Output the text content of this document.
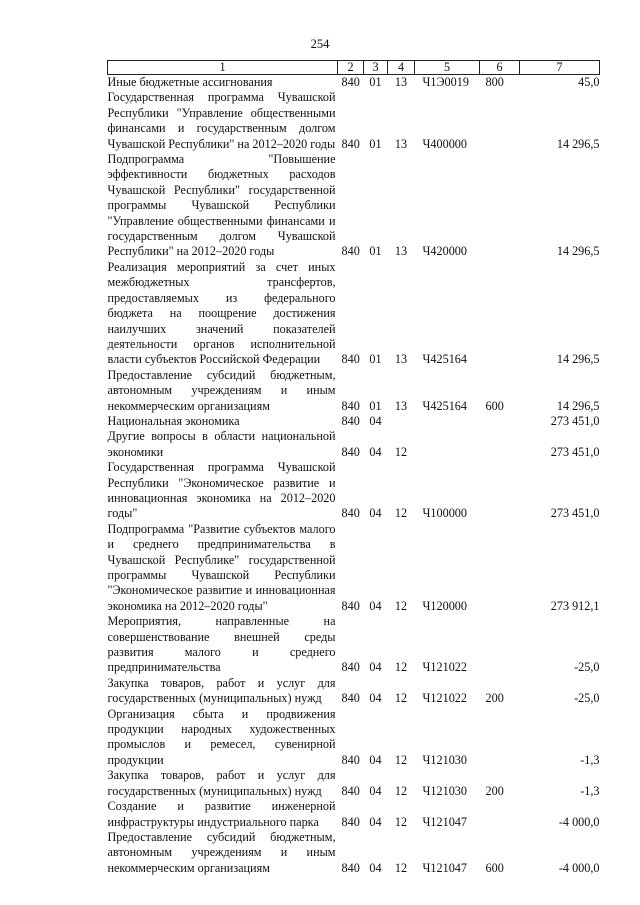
254
1	2	3	4	5	6	7
Иные бюджетные ассигнования	840	01	13	Ч1Э0019	800	45,0
Государственная программа Чувашской Республики "Управление общественными финансами и государственным долгом Чувашской Республики" на 2012–2020 годы	840	01	13	Ч400000		14 296,5
Подпрограмма "Повышение эффективности бюджетных расходов Чувашской Республики" государственной программы Чувашской Республики "Управление общественными финансами и государственным долгом Чувашской Республики" на 2012–2020 годы	840	01	13	Ч420000		14 296,5
Реализация мероприятий за счет иных межбюджетных трансфертов, предоставляемых из федерального бюджета на поощрение достижения наилучших значений показателей деятельности органов исполнительной власти субъектов Российской Федерации	840	01	13	Ч425164		14 296,5
Предоставление субсидий бюджетным, автономным учреждениям и иным некоммерческим организациям	840	01	13	Ч425164	600	14 296,5
Национальная экономика	840	04				273 451,0
Другие вопросы в области национальной экономики	840	04	12			273 451,0
Государственная программа Чувашской Республики "Экономическое развитие и инновационная экономика на 2012–2020 годы"	840	04	12	Ч100000		273 451,0
Подпрограмма "Развитие субъектов малого и среднего предпринимательства в Чувашской Республике" государственной программы Чувашской Республики "Экономическое развитие и инновационная экономика на 2012–2020 годы"	840	04	12	Ч120000		273 912,1
Мероприятия, направленные на совершенствование внешней среды развития малого и среднего предпринимательства	840	04	12	Ч121022		-25,0
Закупка товаров, работ и услуг для государственных (муниципальных) нужд	840	04	12	Ч121022	200	-25,0
Организация сбыта и продвижения продукции народных художественных промыслов и ремесел, сувенирной продукции	840	04	12	Ч121030		-1,3
Закупка товаров, работ и услуг для государственных (муниципальных) нужд	840	04	12	Ч121030	200	-1,3
Создание и развитие инженерной инфраструктуры индустриального парка	840	04	12	Ч121047		-4 000,0
Предоставление субсидий бюджетным, автономным учреждениям и иным некоммерческим организациям	840	04	12	Ч121047	600	-4 000,0
